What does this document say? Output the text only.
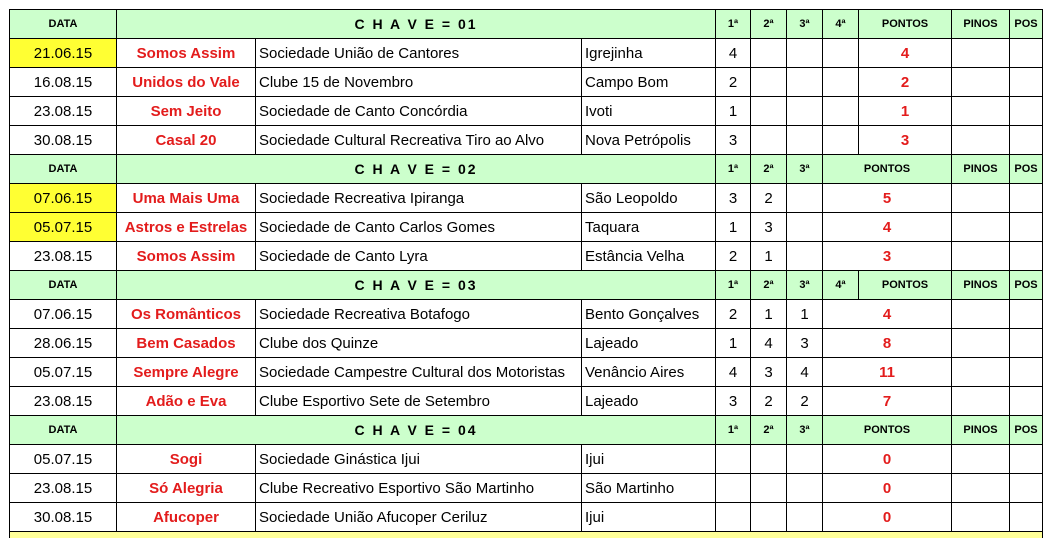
DATA	C H A V E = 01			1ª	2ª	3ª	4ª	PONTOS	PINOS	POS
21.06.15	Somos Assim	Sociedade União de Cantores	Igrejinha	4				4		
16.08.15	Unidos do Vale	Clube 15 de Novembro	Campo Bom	2				2		
23.08.15	Sem Jeito	Sociedade de Canto Concórdia	Ivoti	1				1		
30.08.15	Casal 20	Sociedade Cultural Recreativa Tiro ao Alvo	Nova Petrópolis	3				3		
DATA	C H A V E = 02			1ª	2ª	3ª	PONTOS		PINOS	POS
07.06.15	Uma Mais Uma	Sociedade Recreativa Ipiranga	São Leopoldo	3	2		5			
05.07.15	Astros e Estrelas	Sociedade de Canto Carlos Gomes	Taquara	1	3		4			
23.08.15	Somos Assim	Sociedade de Canto Lyra	Estância Velha	2	1		3			
DATA	C H A V E = 03			1ª	2ª	3ª	4ª	PONTOS	PINOS	POS
07.06.15	Os Românticos	Sociedade Recreativa Botafogo	Bento Gonçalves	2	1	1	4			
28.06.15	Bem Casados	Clube dos Quinze	Lajeado	1	4	3	8			
05.07.15	Sempre Alegre	Sociedade Campestre Cultural dos Motoristas	Venâncio Aires	4	3	4	11			
23.08.15	Adão e Eva	Clube Esportivo Sete de Setembro	Lajeado	3	2	2	7			
DATA	C H A V E = 04			1ª	2ª	3ª	PONTOS		PINOS	POS
05.07.15	Sogi	Sociedade Ginástica Ijui	Ijui				0			
23.08.15	Só Alegria	Clube Recreativo Esportivo São Martinho	São Martinho				0			
30.08.15	Afucoper	Sociedade União Afucoper Ceriluz	Ijui				0			
